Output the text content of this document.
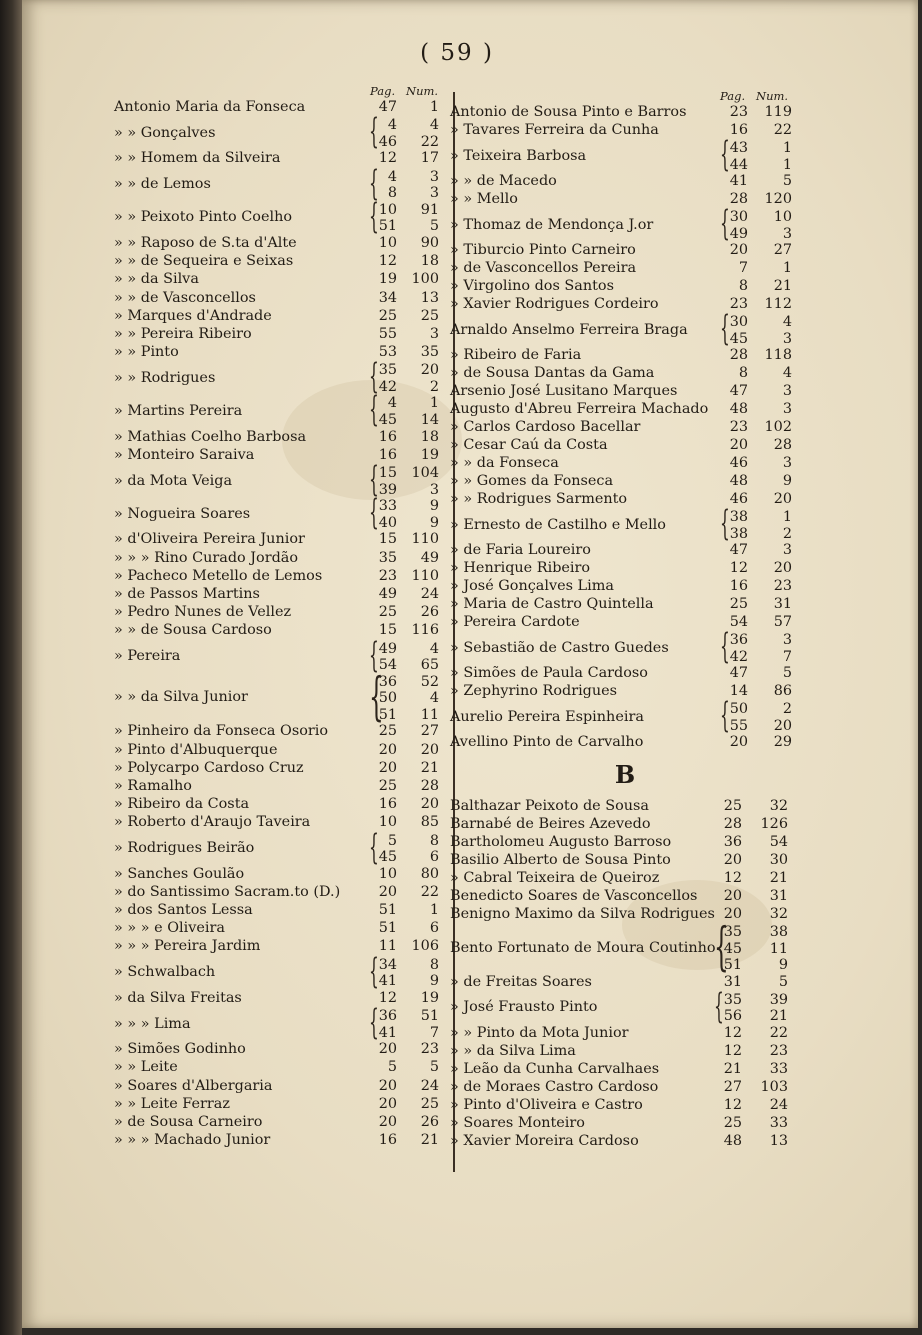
( 59 )
Pag. Num.
Antonio Maria da Fonseca	47	1
» » Gonçalves	{ 4	4
46	22
» » Homem da Silveira	12	17
» » de Lemos	{ 4	3
8	3
» » Peixoto Pinto Coelho { 10	91
51	5
» » Raposo de S.ta d'Alte	10	90
» » de Sequeira e Seixas	12	18
» » da Silva	19	100
» » de Vasconcellos	34	13
» Marques d'Andrade	25	25
» » Pereira Ribeiro	55	3
» » Pinto	53	35
» » Rodrigues	{ 35	20
42	2
» Martins Pereira	{ 4	1
45	14
» Mathias Coelho Barbosa	16	18
» Monteiro Saraiva	16	19
» da Mota Veiga	{ 15	104
39	3
» Nogueira Soares	{ 33	9
40	9
» d'Oliveira Pereira Junior	15	110
» » » Rino Curado Jordão	35	49
» Pacheco Metello de Lemos	23	110
» de Passos Martins	49	24
» Pedro Nunes de Vellez	25	26
» » de Sousa Cardoso	15	116
» Pereira	{ 49	4
54	65
» » da Silva Junior {
36	52
50	4
51	11
» Pinheiro da Fonseca Osorio	25	27
» Pinto d'Albuquerque	20	20
» Polycarpo Cardoso Cruz	20	21
» Ramalho	25	28
» Ribeiro da Costa	16	20
» Roberto d'Araujo Taveira	10	85
» Rodrigues Beirão	{ 5	8
45	6
» Sanches Goulão	10	80
» do Santissimo Sacram.to (D.)	20	22
» dos Santos Lessa	51	1
» » » e Oliveira	51	6
» » » Pereira Jardim	11	106
» Schwalbach	{ 34	8
41	9
» da Silva Freitas	12	19
» » » Lima	{ 36	51
41	7
» Simões Godinho	20	23
» » Leite	5	5
» Soares d'Albergaria	20	24
» » Leite Ferraz	20	25
» de Sousa Carneiro	20	26
» » » Machado Junior	16	21
Pag. Num.
Antonio de Sousa Pinto e Barros	23	119
» Tavares Ferreira da Cunha	16	22
» Teixeira Barbosa	{ 43	1
44	1
» » de Macedo	41	5
» » Mello	28	120
» Thomaz de Mendonça J.or { 30	10
49	3
» Tiburcio Pinto Carneiro	20	27
» de Vasconcellos Pereira	7	1
» Virgolino dos Santos	8	21
» Xavier Rodrigues Cordeiro	23	112
Arnaldo Anselmo Ferreira Braga { 30	4
45	3
» Ribeiro de Faria	28	118
» de Sousa Dantas da Gama	8	4
Arsenio José Lusitano Marques	47	3
Augusto d'Abreu Ferreira Machado	48	3
» Carlos Cardoso Bacellar	23	102
» Cesar Caú da Costa	20	28
» » da Fonseca	46	3
» » Gomes da Fonseca	48	9
» » Rodrigues Sarmento	46	20
» Ernesto de Castilho e Mello { 38	1
38	2
» de Faria Loureiro	47	3
» Henrique Ribeiro	12	20
» José Gonçalves Lima	16	23
» Maria de Castro Quintella	25	31
» Pereira Cardote	54	57
» Sebastião de Castro Guedes { 36	3
42	7
» Simões de Paula Cardoso	47	5
» Zephyrino Rodrigues	14	86
Aurelio Pereira Espinheira { 50	2
55	20
Avellino Pinto de Carvalho	20	29
B
Balthazar Peixoto de Sousa	25	32
Barnabé de Beires Azevedo	28	126
Bartholomeu Augusto Barroso	36	54
Basilio Alberto de Sousa Pinto	20	30
» Cabral Teixeira de Queiroz	12	21
Benedicto Soares de Vasconcellos	20	31
Benigno Maximo da Silva Rodrigues 20	32
Bento Fortunato de Moura Coutinho
{
35	38
45	11
51	9
» de Freitas Soares	31	5
» José Frausto Pinto	{ 35	39
56	21
» » Pinto da Mota Junior	12	22
» » da Silva Lima	12	23
» Leão da Cunha Carvalhaes	21	33
» de Moraes Castro Cardoso	27	103
» Pinto d'Oliveira e Castro	12	24
» Soares Monteiro	25	33
» Xavier Moreira Cardoso	48	13
